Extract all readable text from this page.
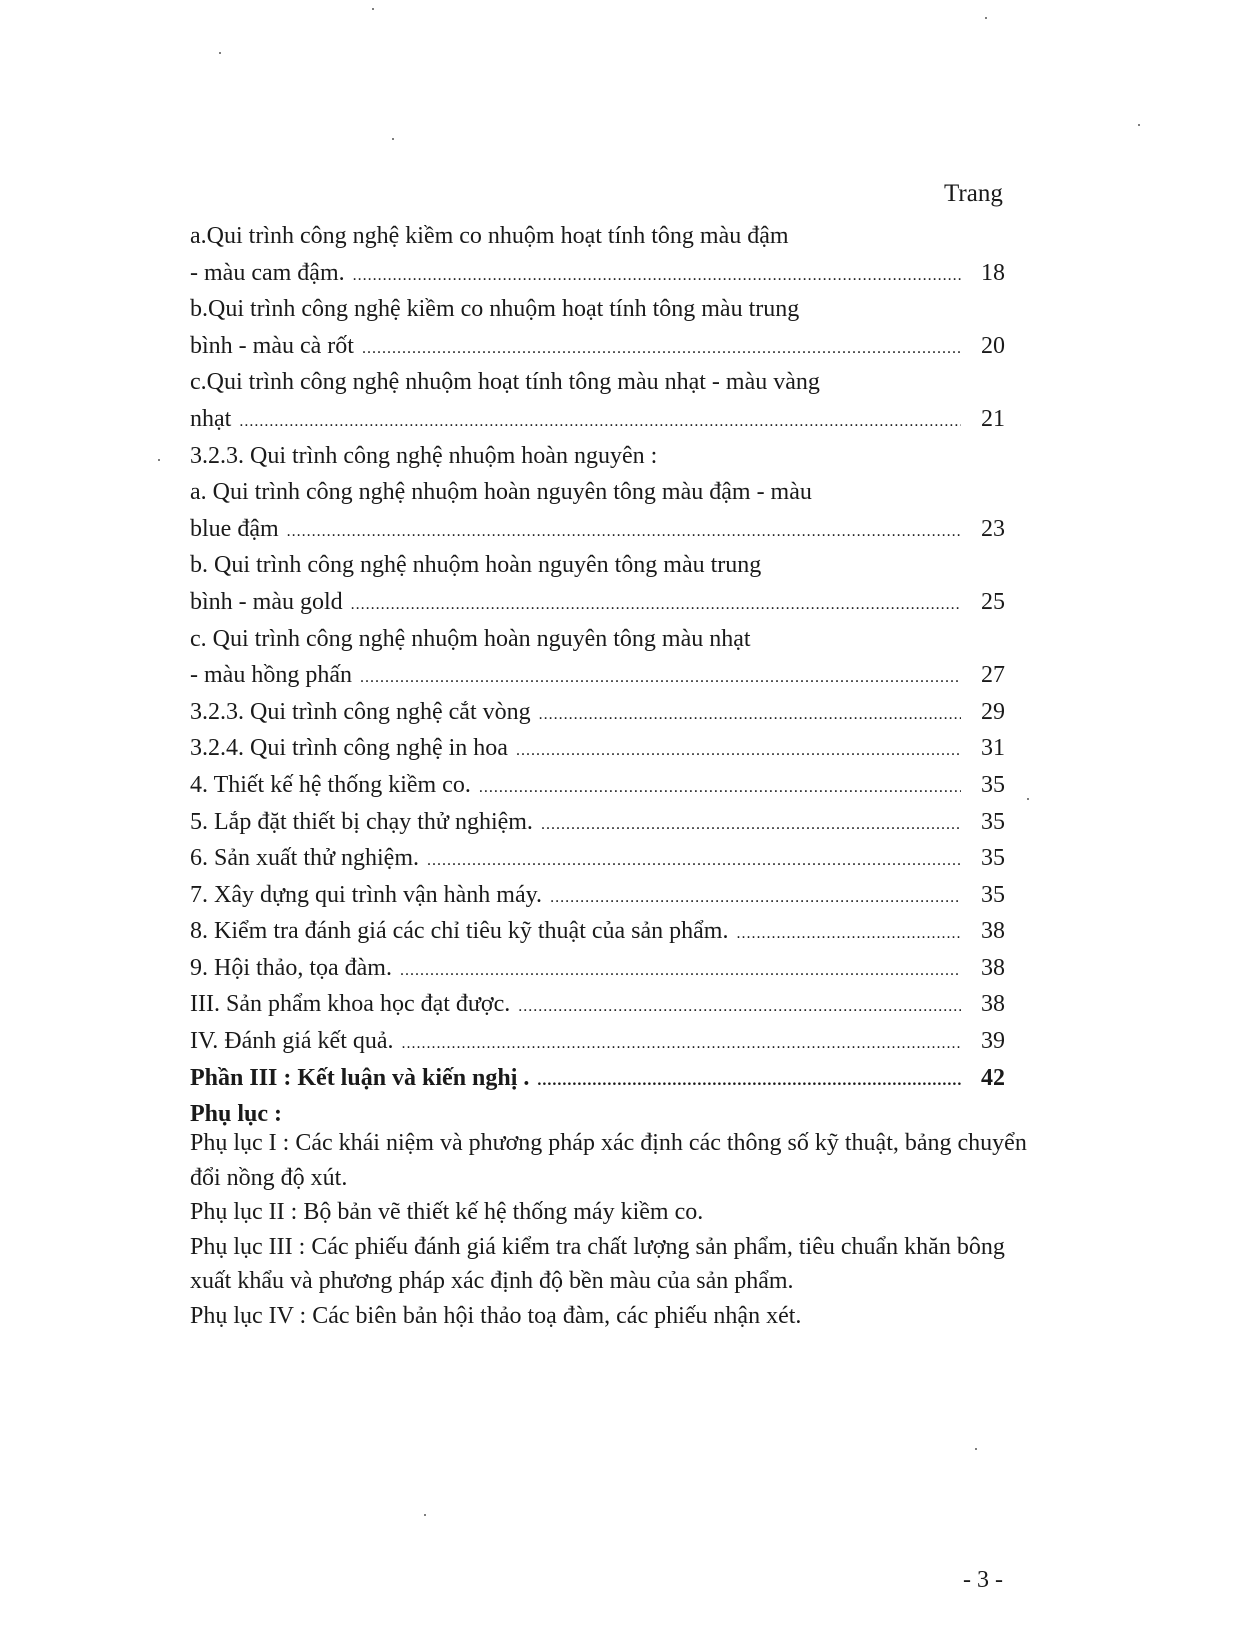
Trang
a.Qui trình công nghệ kiềm co nhuộm hoạt tính tông màu đậm
- màu cam đậm. .....	18
b.Qui trình công nghệ kiềm co nhuộm hoạt tính tông màu trung
bình - màu cà rốt .....	20
c.Qui trình công nghệ nhuộm hoạt tính tông màu nhạt - màu vàng
nhạt .....	21
3.2.3. Qui trình công nghệ nhuộm hoàn nguyên :
a. Qui trình công nghệ nhuộm hoàn nguyên tông màu đậm - màu
blue đậm .....	23
b. Qui trình công nghệ nhuộm hoàn nguyên tông màu trung
bình - màu gold .....	25
c. Qui trình công nghệ nhuộm hoàn nguyên tông màu nhạt
- màu hồng phấn .....	27
3.2.3. Qui trình công nghệ cắt vòng .....	29
3.2.4. Qui trình công nghệ in hoa .....	31
4. Thiết kế hệ thống kiềm co. .....	35
5. Lắp đặt thiết bị chạy thử nghiệm. .....	35
6. Sản xuất thử nghiệm. .....	35
7. Xây dựng qui trình vận hành máy. .....	35
8. Kiểm tra đánh giá các chỉ tiêu kỹ thuật của sản phẩm. .....	38
9. Hội thảo, tọa đàm. .....	38
III. Sản phẩm khoa học đạt được. .....	38
IV. Đánh giá kết quả. .....	39
Phần III : Kết luận và kiến nghị . .....	42
Phụ lục :

Phụ lục I : Các khái niệm và phương pháp xác định các thông số kỹ thuật, bảng chuyển đổi nồng độ xút.

Phụ lục II : Bộ bản vẽ thiết kế hệ thống máy kiềm co.

Phụ lục III : Các phiếu đánh giá kiểm tra chất lượng sản phẩm, tiêu chuẩn khăn bông xuất khẩu và phương pháp xác định độ bền màu của sản phẩm.

Phụ lục IV : Các biên bản hội thảo toạ đàm, các phiếu nhận xét.

- 3 -
